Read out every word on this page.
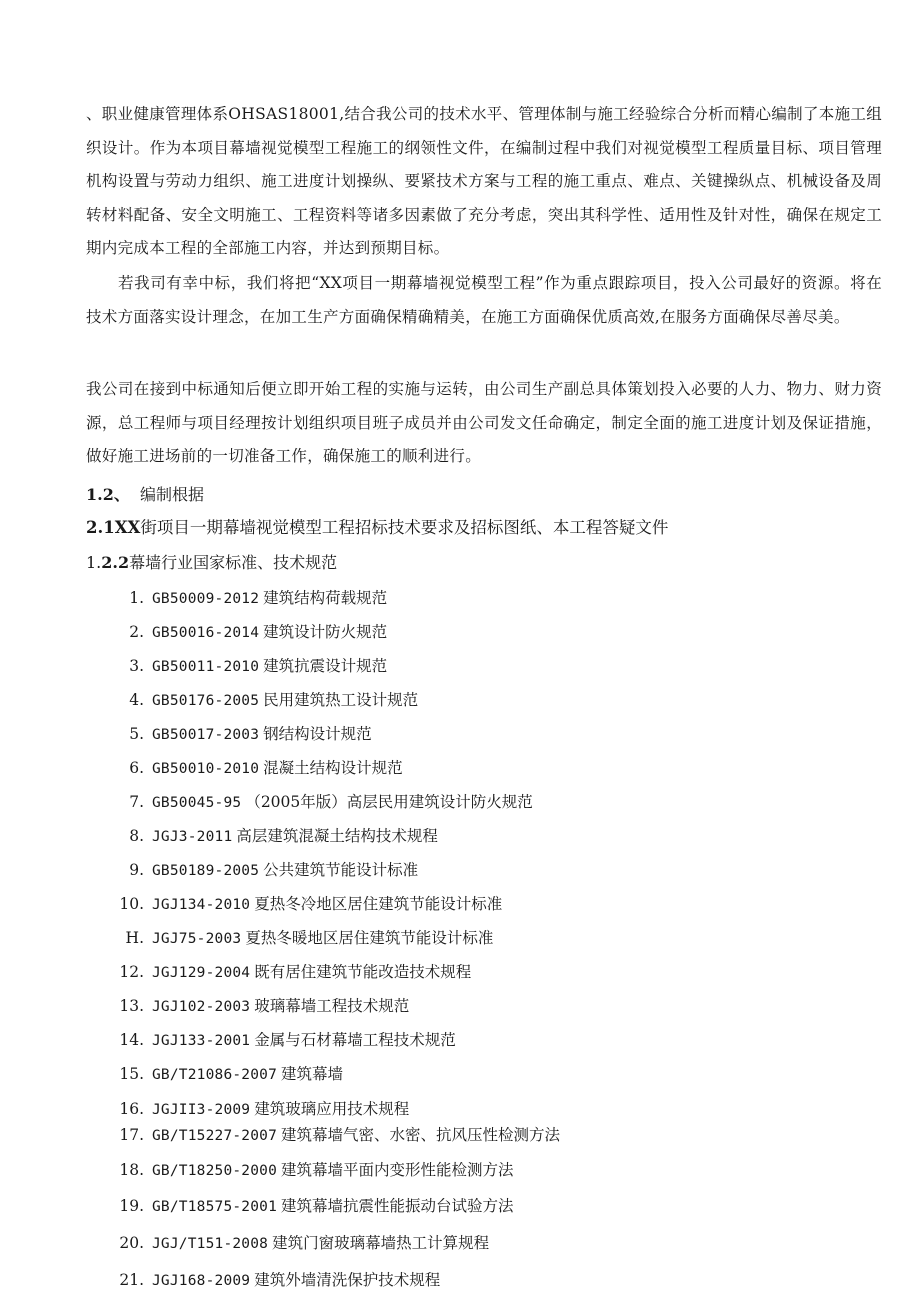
、职业健康管理体系OHSAS18001,结合我公司的技术水平、管理体制与施工经验综合分析而精心编制了本施工组织设计。作为本项目幕墙视觉模型工程施工的纲领性文件，在编制过程中我们对视觉模型工程质量目标、项目管理机构设置与劳动力组织、施工进度计划操纵、要紧技术方案与工程的施工重点、难点、关键操纵点、机械设备及周转材料配备、安全文明施工、工程资料等诸多因素做了充分考虑，突出其科学性、适用性及针对性，确保在规定工期内完成本工程的全部施工内容，并达到预期目标。

若我司有幸中标，我们将把“XX项目一期幕墙视觉模型工程”作为重点跟踪项目，投入公司最好的资源。将在技术方面落实设计理念，在加工生产方面确保精确精美，在施工方面确保优质高效,在服务方面确保尽善尽美。

我公司在接到中标通知后便立即开始工程的实施与运转，由公司生产副总具体策划投入必要的人力、物力、财力资源，总工程师与项目经理按计划组织项目班子成员并由公司发文任命确定，制定全面的施工进度计划及保证措施，做好施工进场前的一切准备工作，确保施工的顺利进行。

1.2、 编制根据
2.1XX街项目一期幕墙视觉模型工程招标技术要求及招标图纸、本工程答疑文件
1.2.2幕墙行业国家标准、技术规范
1. GB50009-2012 建筑结构荷载规范
2. GB50016-2014 建筑设计防火规范
3. GB50011-2010 建筑抗震设计规范
4. GB50176-2005 民用建筑热工设计规范
5. GB50017-2003 钢结构设计规范
6. GB50010-2010 混凝土结构设计规范
7. GB50045-95 （2005年版）高层民用建筑设计防火规范
8. JGJ3-2011 高层建筑混凝土结构技术规程
9. GB50189-2005 公共建筑节能设计标准
10. JGJ134-2010 夏热冬冷地区居住建筑节能设计标准
H. JGJ75-2003 夏热冬暖地区居住建筑节能设计标准
12. JGJ129-2004 既有居住建筑节能改造技术规程
13. JGJ102-2003 玻璃幕墙工程技术规范
14. JGJ133-2001 金属与石材幕墙工程技术规范
15. GB/T21086-2007 建筑幕墙
16. JGJII3-2009 建筑玻璃应用技术规程
17. GB/T15227-2007 建筑幕墙气密、水密、抗风压性检测方法
18. GB/T18250-2000 建筑幕墙平面内变形性能检测方法
19. GB/T18575-2001 建筑幕墙抗震性能振动台试验方法
20. JGJ/T151-2008 建筑门窗玻璃幕墙热工计算规程
21. JGJ168-2009 建筑外墙清洗保护技术规程
